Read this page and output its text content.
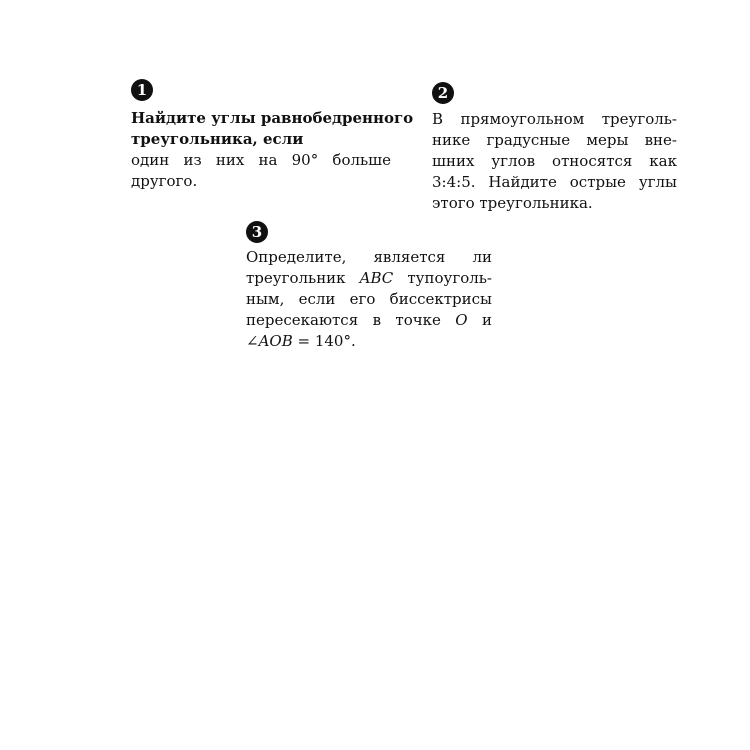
1
Найдите углы равнобедренного
треугольника, если
один из них на 90° больше
другого.
2
В прямоугольном треуголь-
нике градусные меры вне-
шних углов относятся как
3:4:5. Найдите острые углы
этого треугольника.
3
Определите, является ли
треугольник ABC тупоуголь-
ным, если его биссектрисы
пересекаются в точке O и
∠AOB = 140°.
